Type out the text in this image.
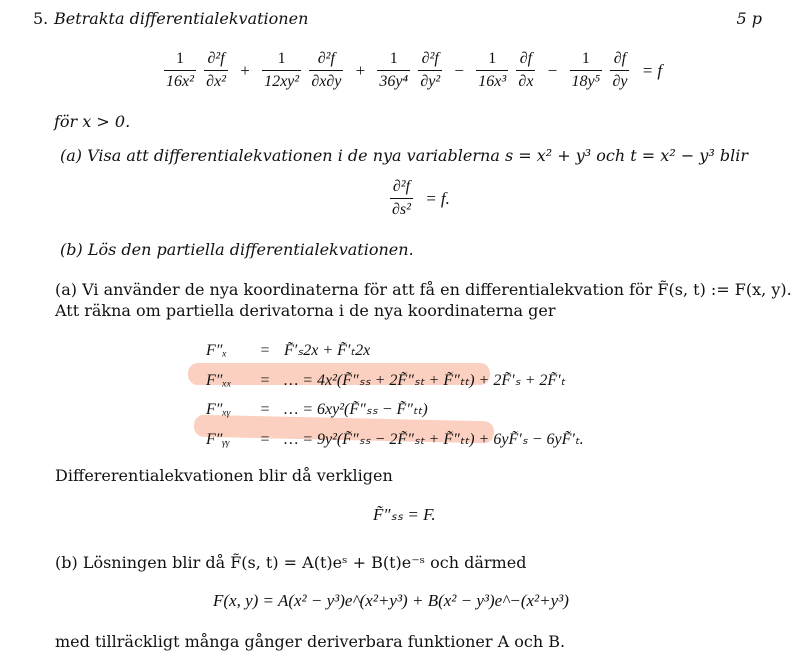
5. Betrakta differentialekvationen	5 p
$\frac{1}{\text{16x²}}$
$\frac{\text{∂²f}}{\text{∂x²}} + \frac{1}{\text{12xy²}}$
$\frac{\text{∂²f}}{\partial x\partial y} + \frac{1}{\text{36y⁴}}$
$\frac{\text{∂²f}}{\text{∂y²}} - \frac{1}{\text{16x³}}$
$\frac{\partial f}{\partial x} - \frac{1}{\text{18y⁵}}$
$\frac{\partial f}{\partial y} = f$
för x > 0.
(a) Visa att differentialekvationen i de nya variablerna s = x² + y³ och t = x² − y³ blir
$\frac{\text{∂²f}}{\text{∂s²}} = f$.
(b) Lös den partiella differentialekvationen.
(a) Vi använder de nya koordinaterna för att få en differentialekvation för F̃(s, t) := F(x, y).
Att räkna om partiella derivatorna i de nya koordinaterna ger
F″ₓ = F̃′ₛ2x + F̃′ₜ2x
F″ₓₓ = … = 4x²(F̃″ₛₛ + 2F̃″ₛₜ + F̃″ₜₜ) + 2F̃′ₛ + 2F̃′ₜ
F″ₓᵧ = … = 6xy²(F̃″ₛₛ − F̃″ₜₜ)
F″ᵧᵧ = … = 9y²(F̃″ₛₛ − 2F̃″ₛₜ + F̃″ₜₜ) + 6yF̃′ₛ − 6yF̃′ₜ.
Differerentialekvationen blir då verkligen
F̃″ₛₛ = F.
(b) Lösningen blir då F̃(s, t) = A(t)eˢ + B(t)e⁻ˢ och därmed
F(x, y) = A(x² − y³)e^(x²+y³) + B(x² − y³)e^−(x²+y³)
med tillräckligt många gånger deriverbara funktioner A och B.
